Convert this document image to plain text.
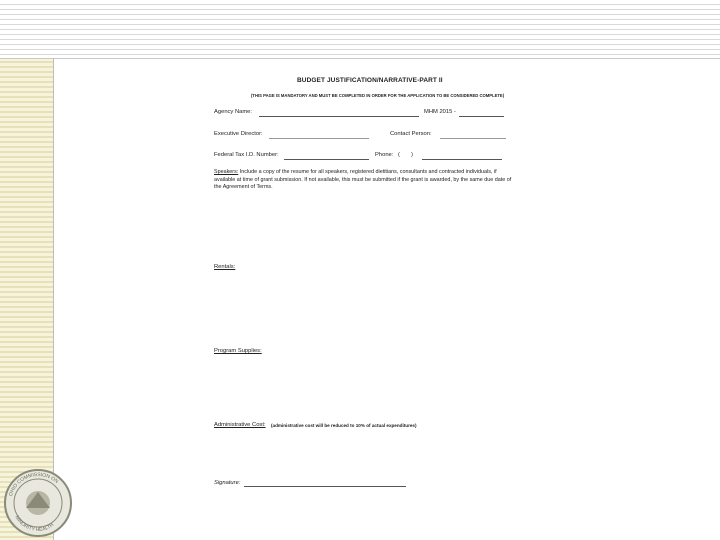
OHIO COMMISSION ON
MINORITY HEALTH
BUDGET JUSTIFICATION/NARRATIVE-PART II
(THIS PAGE IS MANDATORY AND MUST BE COMPLETED IN ORDER FOR THE APPLICATION TO BE CONSIDERED COMPLETE)
Agency Name:	MHM 2015 -
Executive Director:	Contact Person:
Federal Tax I.D. Number:	Phone: ( )
Speakers: Include a copy of the resume for all speakers, registered dietitians, consultants and contracted individuals, if available at time of grant submission. If not available, this must be submitted if the grant is awarded, by the same due date of the Agreement of Terms.
Rentals:
Program Supplies:
Administrative Cost: (administrative cost will be reduced to 10% of actual expenditures)
Signature:
